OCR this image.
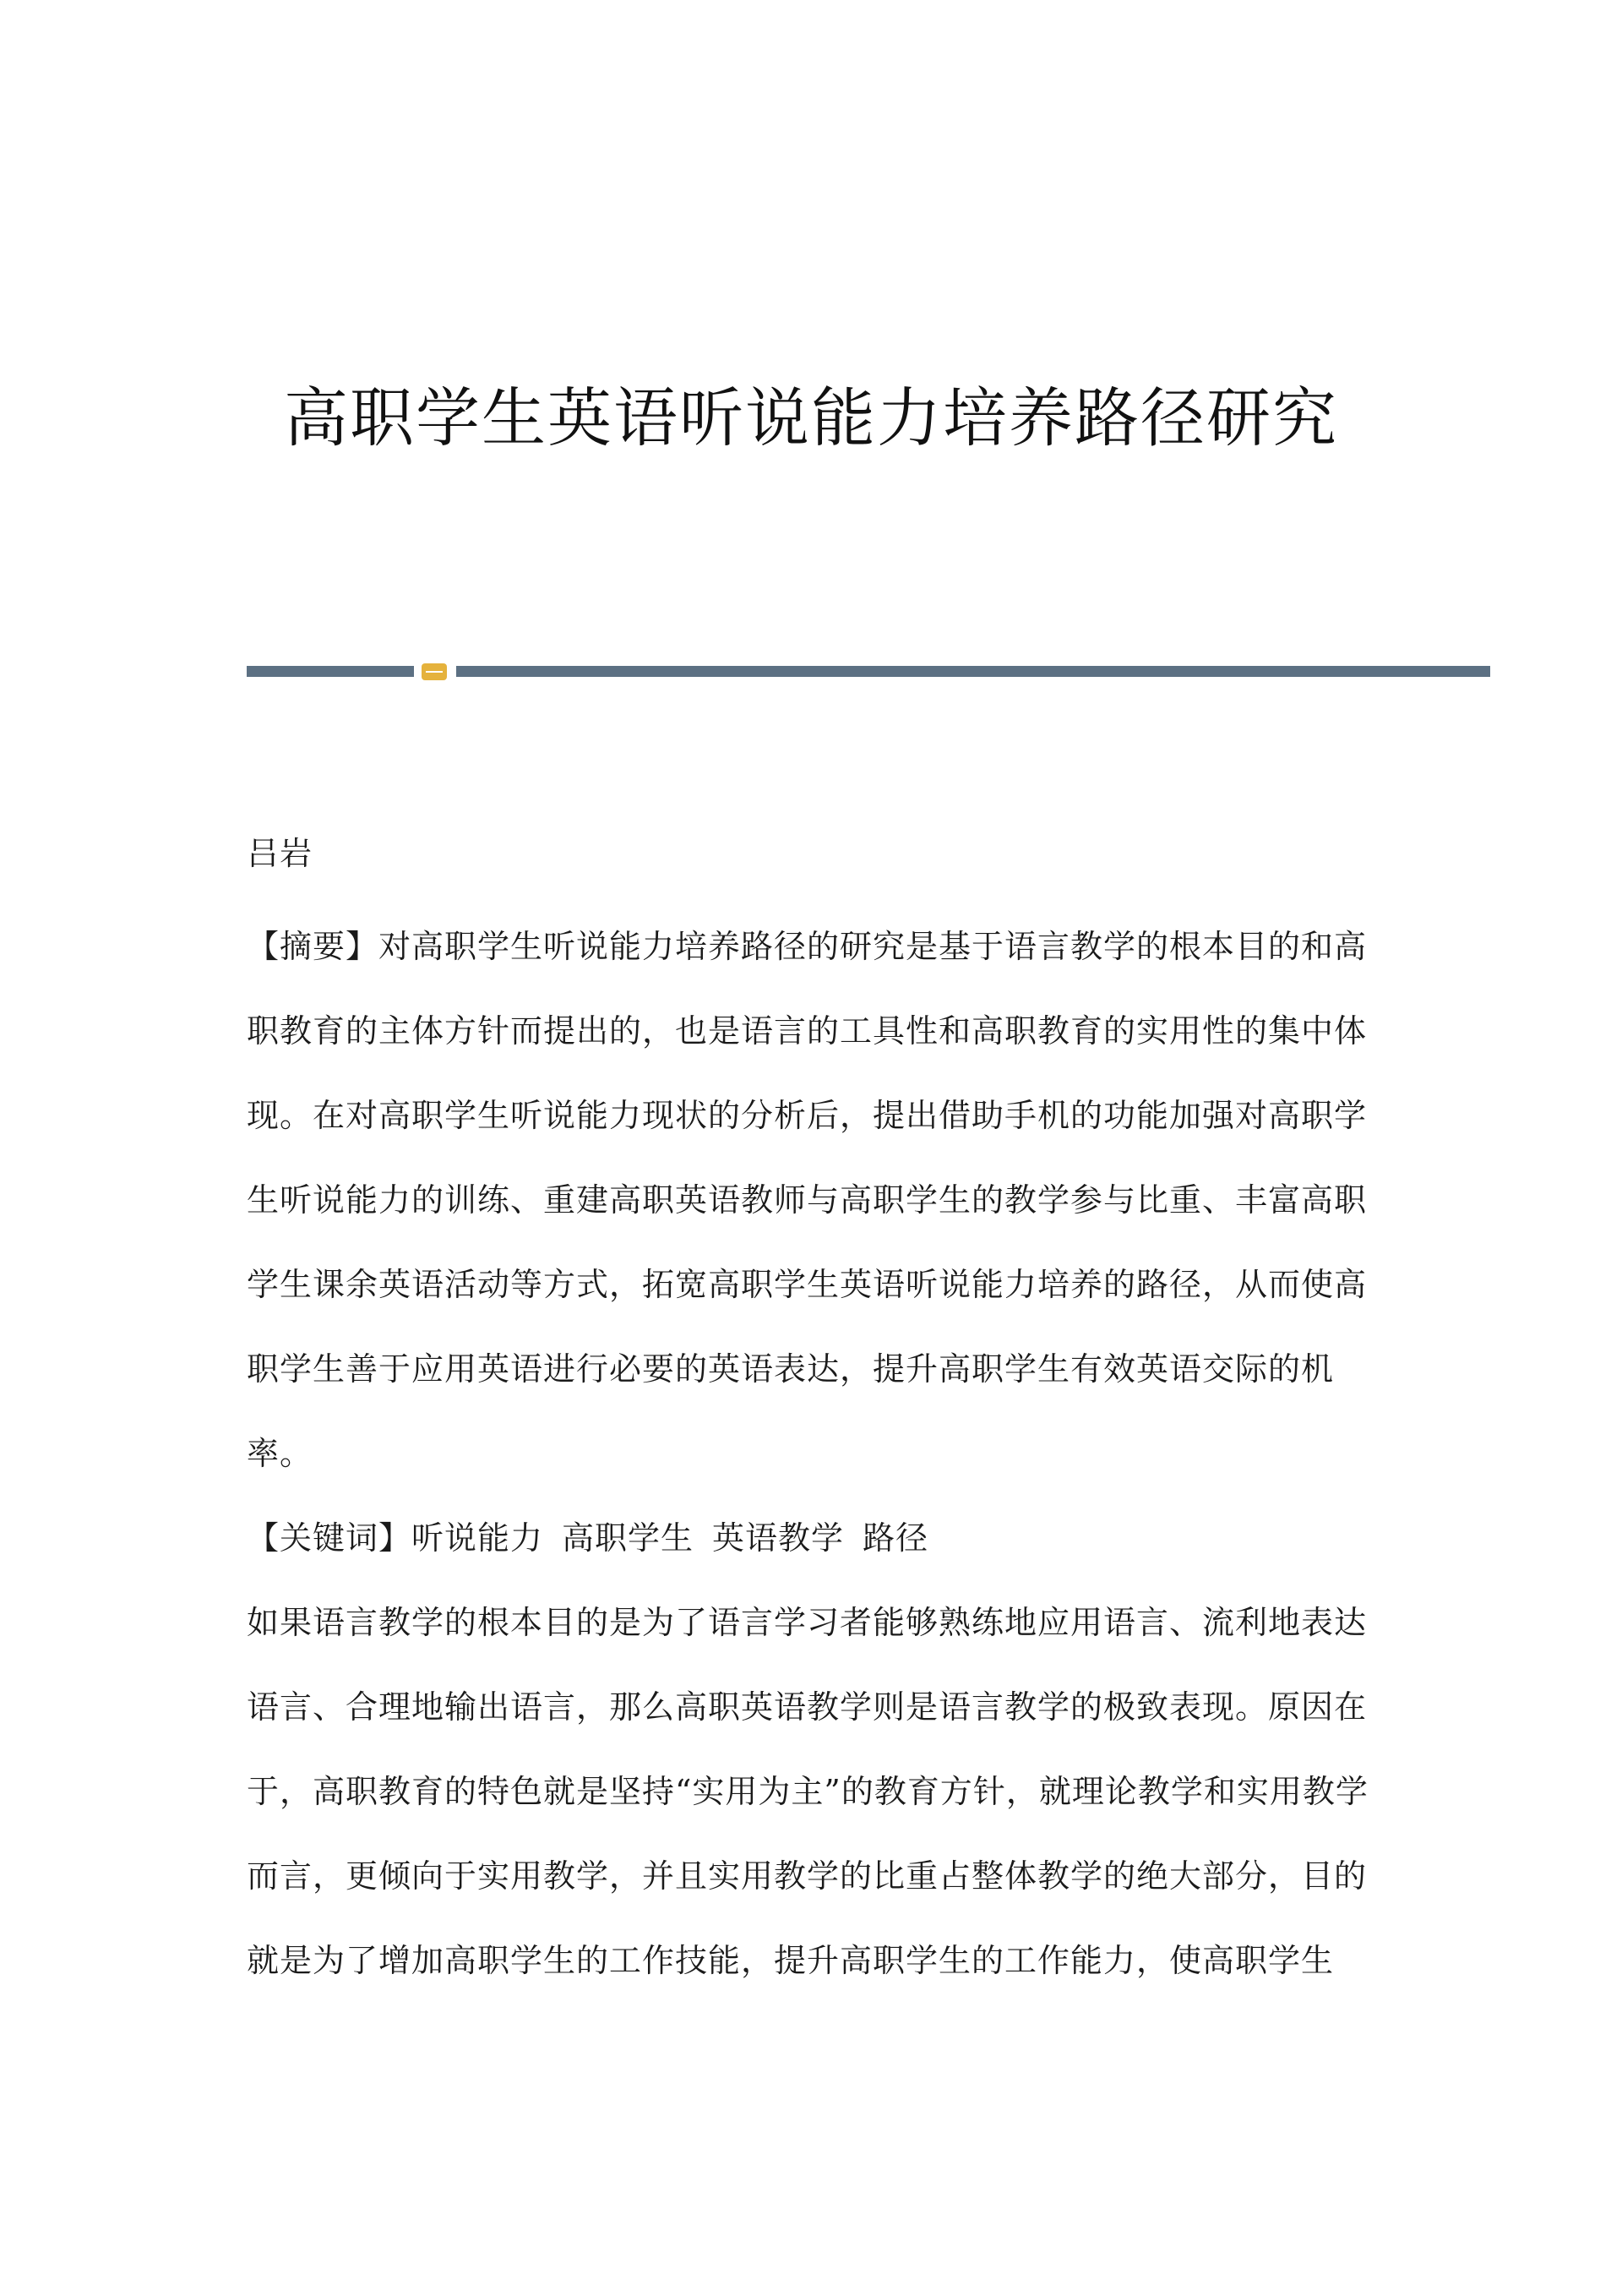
高职学生英语听说能力培养路径研究

吕岩

【摘要】对高职学生听说能力培养路径的研究是基于语言教学的根本目的和高职教育的主体方针而提出的，也是语言的工具性和高职教育的实用性的集中体现。在对高职学生听说能力现状的分析后，提出借助手机的功能加强对高职学生听说能力的训练、重建高职英语教师与高职学生的教学参与比重、丰富高职学生课余英语活动等方式，拓宽高职学生英语听说能力培养的路径，从而使高职学生善于应用英语进行必要的英语表达，提升高职学生有效英语交际的机率。

【关键词】听说能力 高职学生 英语教学 路径

如果语言教学的根本目的是为了语言学习者能够熟练地应用语言、流利地表达语言、合理地输出语言，那么高职英语教学则是语言教学的极致表现。原因在于，高职教育的特色就是坚持“实用为主”的教育方针，就理论教学和实用教学而言，更倾向于实用教学，并且实用教学的比重占整体教学的绝大部分，目的就是为了增加高职学生的工作技能，提升高职学生的工作能力，使高职学生
